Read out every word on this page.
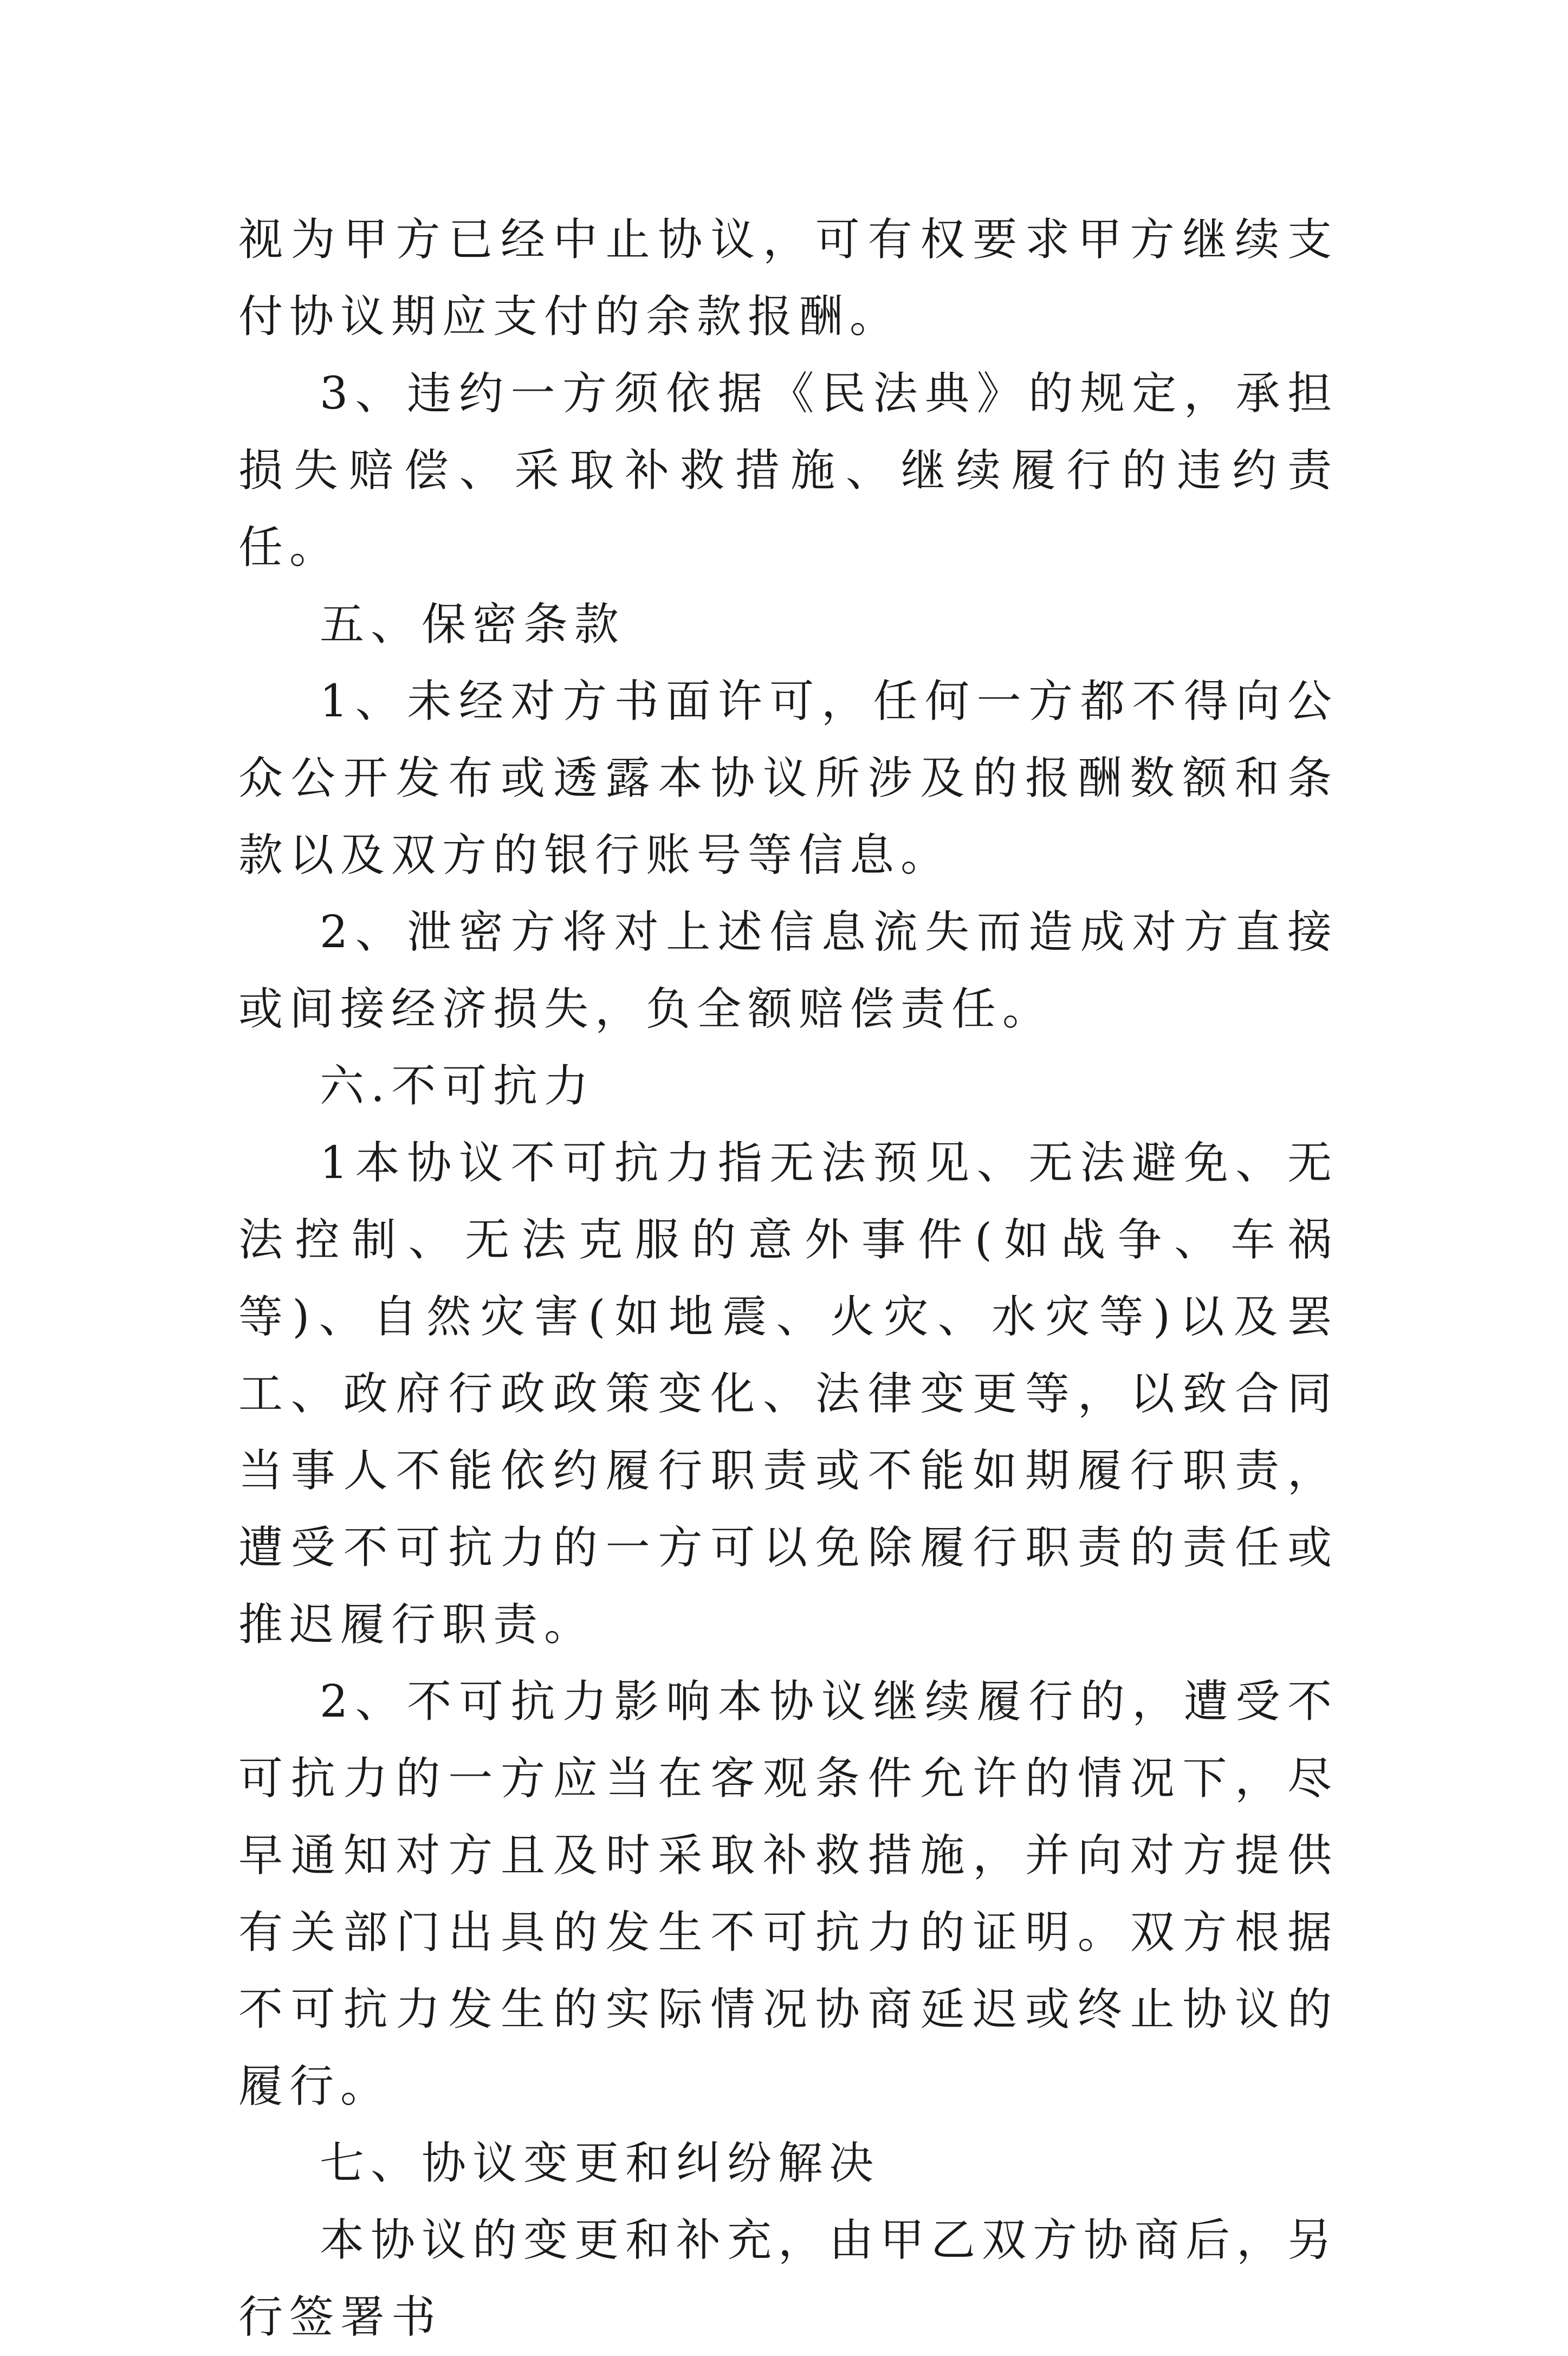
视为甲方已经中止协议，可有权要求甲方继续支付协议期应支付的余款报酬。

3、违约一方须依据《民法典》的规定，承担损失赔偿、采取补救措施、继续履行的违约责任。

五、保密条款

1、未经对方书面许可，任何一方都不得向公众公开发布或透露本协议所涉及的报酬数额和条款以及双方的银行账号等信息。

2、泄密方将对上述信息流失而造成对方直接或间接经济损失，负全额赔偿责任。

六.不可抗力

1本协议不可抗力指无法预见、无法避免、无法控制、无法克服的意外事件(如战争、车祸等)、自然灾害(如地震、火灾、水灾等)以及罢工、政府行政政策变化、法律变更等，以致合同当事人不能依约履行职责或不能如期履行职责，遭受不可抗力的一方可以免除履行职责的责任或推迟履行职责。

2、不可抗力影响本协议继续履行的，遭受不可抗力的一方应当在客观条件允许的情况下，尽早通知对方且及时采取补救措施，并向对方提供有关部门出具的发生不可抗力的证明。双方根据不可抗力发生的实际情况协商延迟或终止协议的履行。

七、协议变更和纠纷解决

本协议的变更和补充，由甲乙双方协商后，另行签署书
